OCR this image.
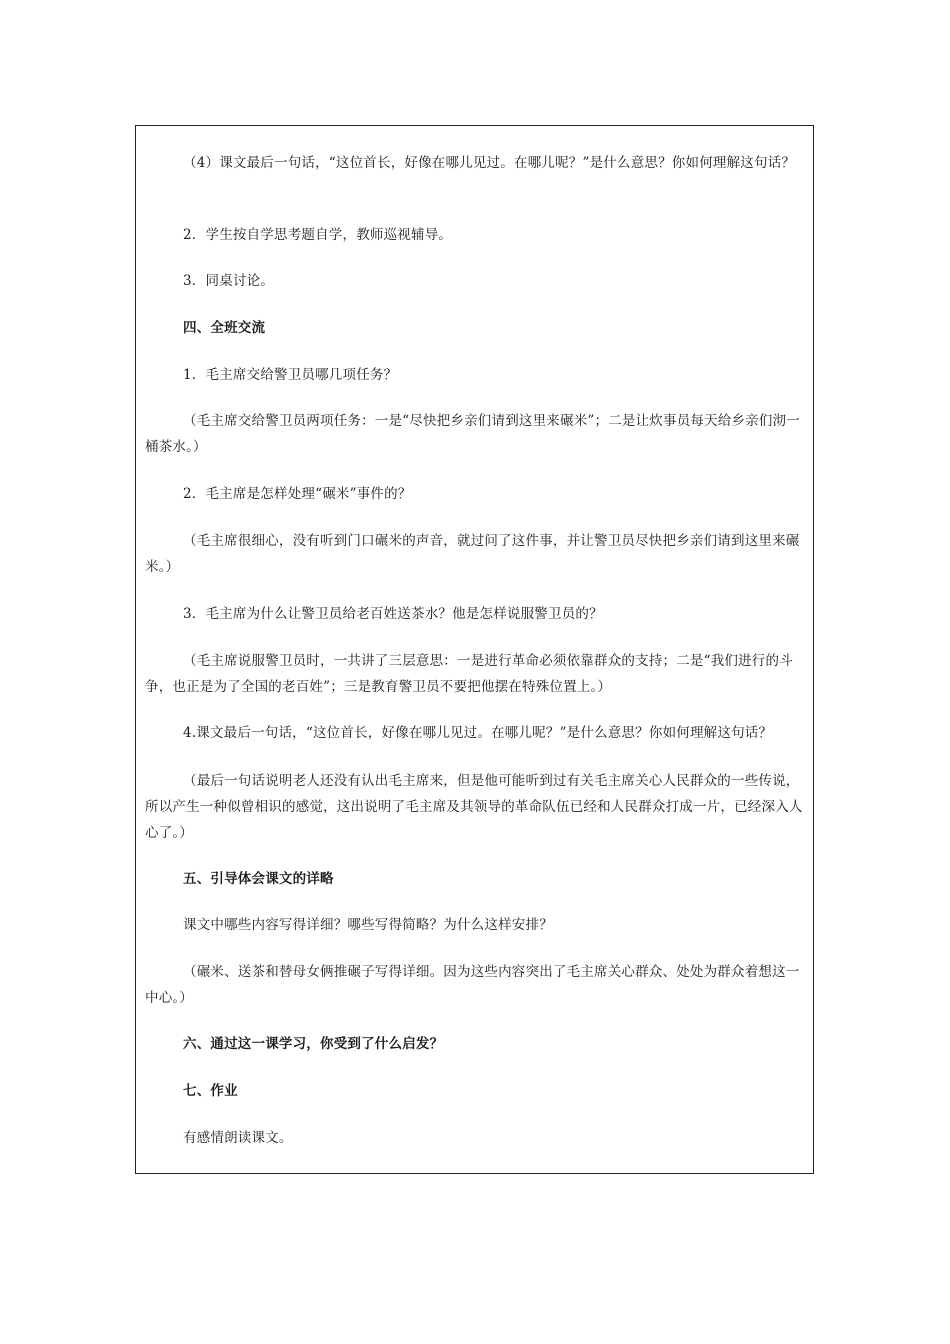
（4）课文最后一句话，“这位首长，好像在哪儿见过。在哪儿呢？”是什么意思？你如何理解这句话？

2．学生按自学思考题自学，教师巡视辅导。

3．同桌讨论。

四、全班交流

1．毛主席交给警卫员哪几项任务？

（毛主席交给警卫员两项任务：一是“尽快把乡亲们请到这里来碾米”；二是让炊事员每天给乡亲们沏一桶茶水。）

2．毛主席是怎样处理“碾米”事件的？

（毛主席很细心，没有听到门口碾米的声音，就过问了这件事，并让警卫员尽快把乡亲们请到这里来碾米。）

3．毛主席为什么让警卫员给老百姓送茶水？他是怎样说服警卫员的？

（毛主席说服警卫员时，一共讲了三层意思：一是进行革命必须依靠群众的支持；二是“我们进行的斗争，也正是为了全国的老百姓”；三是教育警卫员不要把他摆在特殊位置上。）

4.课文最后一句话，“这位首长，好像在哪儿见过。在哪儿呢？”是什么意思？你如何理解这句话？

（最后一句话说明老人还没有认出毛主席来，但是他可能听到过有关毛主席关心人民群众的一些传说，所以产生一种似曾相识的感觉，这出说明了毛主席及其领导的革命队伍已经和人民群众打成一片，已经深入人心了。）

五、引导体会课文的详略

课文中哪些内容写得详细？哪些写得简略？为什么这样安排？

（碾米、送茶和替母女俩推碾子写得详细。因为这些内容突出了毛主席关心群众、处处为群众着想这一中心。）

六、通过这一课学习，你受到了什么启发？

七、作业

有感情朗读课文。
